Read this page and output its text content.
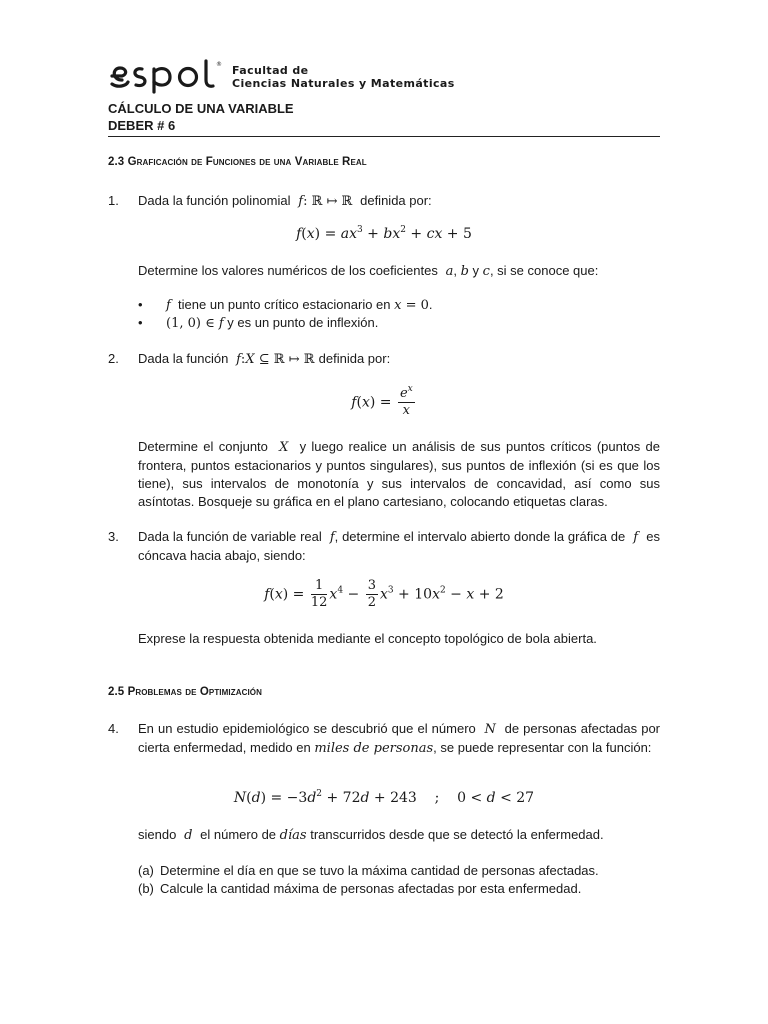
® Facultad de
Ciencias Naturales y Matemáticas
CÁLCULO DE UNA VARIABLE
DEBER # 6
2.3 Graficación de Funciones de una Variable Real
1.	Dada la función polinomial  f: ℝ ↦ ℝ  definida por:
$f(x) = ax^3 + bx^2$ + cx + 5
Determine los valores numéricos de los coeficientes  a, b y c, si se conoce que:
• f tiene un punto crítico estacionario en x = 0.
• (1, 0) ∈ f y es un punto de inflexión.
2.	Dada la función  f:X ⊆ ℝ ↦ ℝ definida por:
$f(x) = \frac{e^x}{x}$
Determine el conjunto  X  y luego realice un análisis de sus puntos críticos (puntos de frontera, puntos estacionarios y puntos singulares), sus puntos de inflexión (si es que los tiene), sus intervalos de monotonía y sus intervalos de concavidad, así como sus asíntotas. Bosqueje su gráfica en el plano cartesiano, colocando etiquetas claras.
3.	Dada la función de variable real  f, determine el intervalo abierto donde la gráfica de  f  es cóncava hacia abajo, siendo:
$f(x) = \frac{1}{12} x^4 - \frac{3}{2} x^3 + 10x^2 - x + 2$
Exprese la respuesta obtenida mediante el concepto topológico de bola abierta.
2.5 Problemas de Optimización
4.	En un estudio epidemiológico se descubrió que el número  N  de personas afectadas por cierta enfermedad, medido en miles de personas, se puede representar con la función:
$N(d) = -3d^2 + 72d + 243$    ;    0 < d < 27
siendo  d  el número de días transcurridos desde que se detectó la enfermedad.
(a) Determine el día en que se tuvo la máxima cantidad de personas afectadas.
(b) Calcule la cantidad máxima de personas afectadas por esta enfermedad.
